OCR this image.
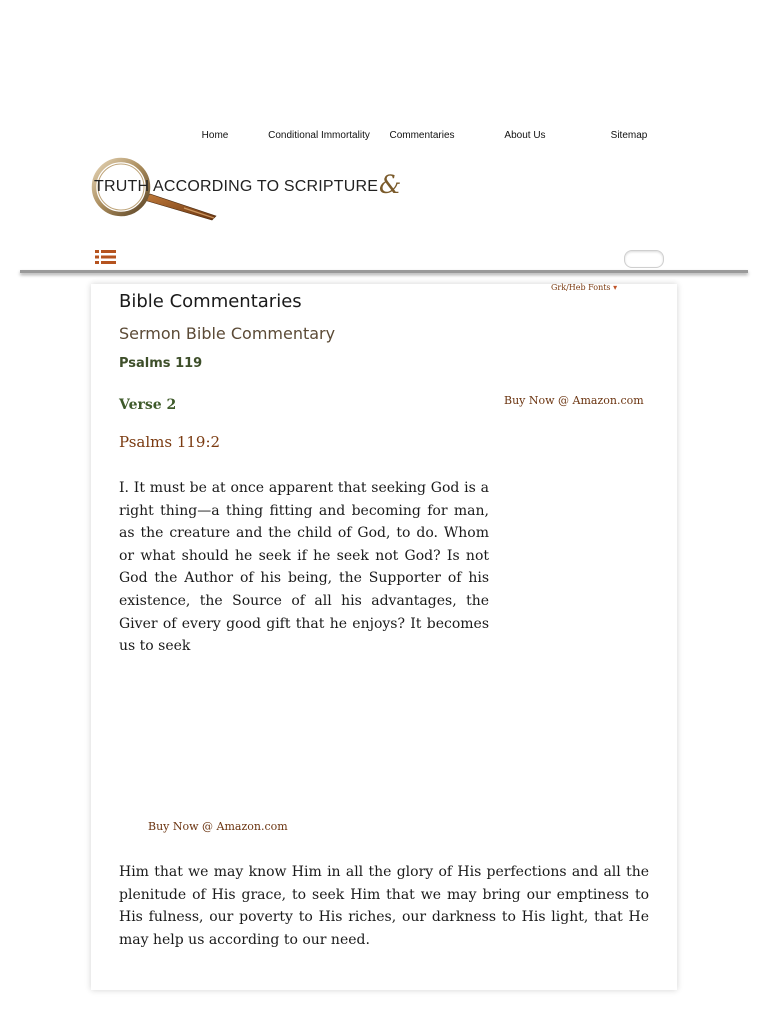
Home	Conditional Immortality	Commentaries	About Us	Sitemap
TRUTH ACCORDING TO SCRIPTURE &
Grk/Heb Fonts ▾
Bible Commentaries
Sermon Bible Commentary
Psalms 119
Verse 2	Buy Now @ Amazon.com
Psalms 119:2

I. It must be at once apparent that seeking God is a right thing—a thing fitting and becoming for man, as the creature and the child of God, to do. Whom or what should he seek if he seek not God? Is not God the Author of his being, the Supporter of his existence, the Source of all his advantages, the Giver of every good gift that he enjoys? It becomes us to seek

Buy Now @ Amazon.com

Him that we may know Him in all the glory of His perfections and all the plenitude of His grace, to seek Him that we may bring our emptiness to His fulness, our poverty to His riches, our darkness to His light, that He may help us according to our need.
